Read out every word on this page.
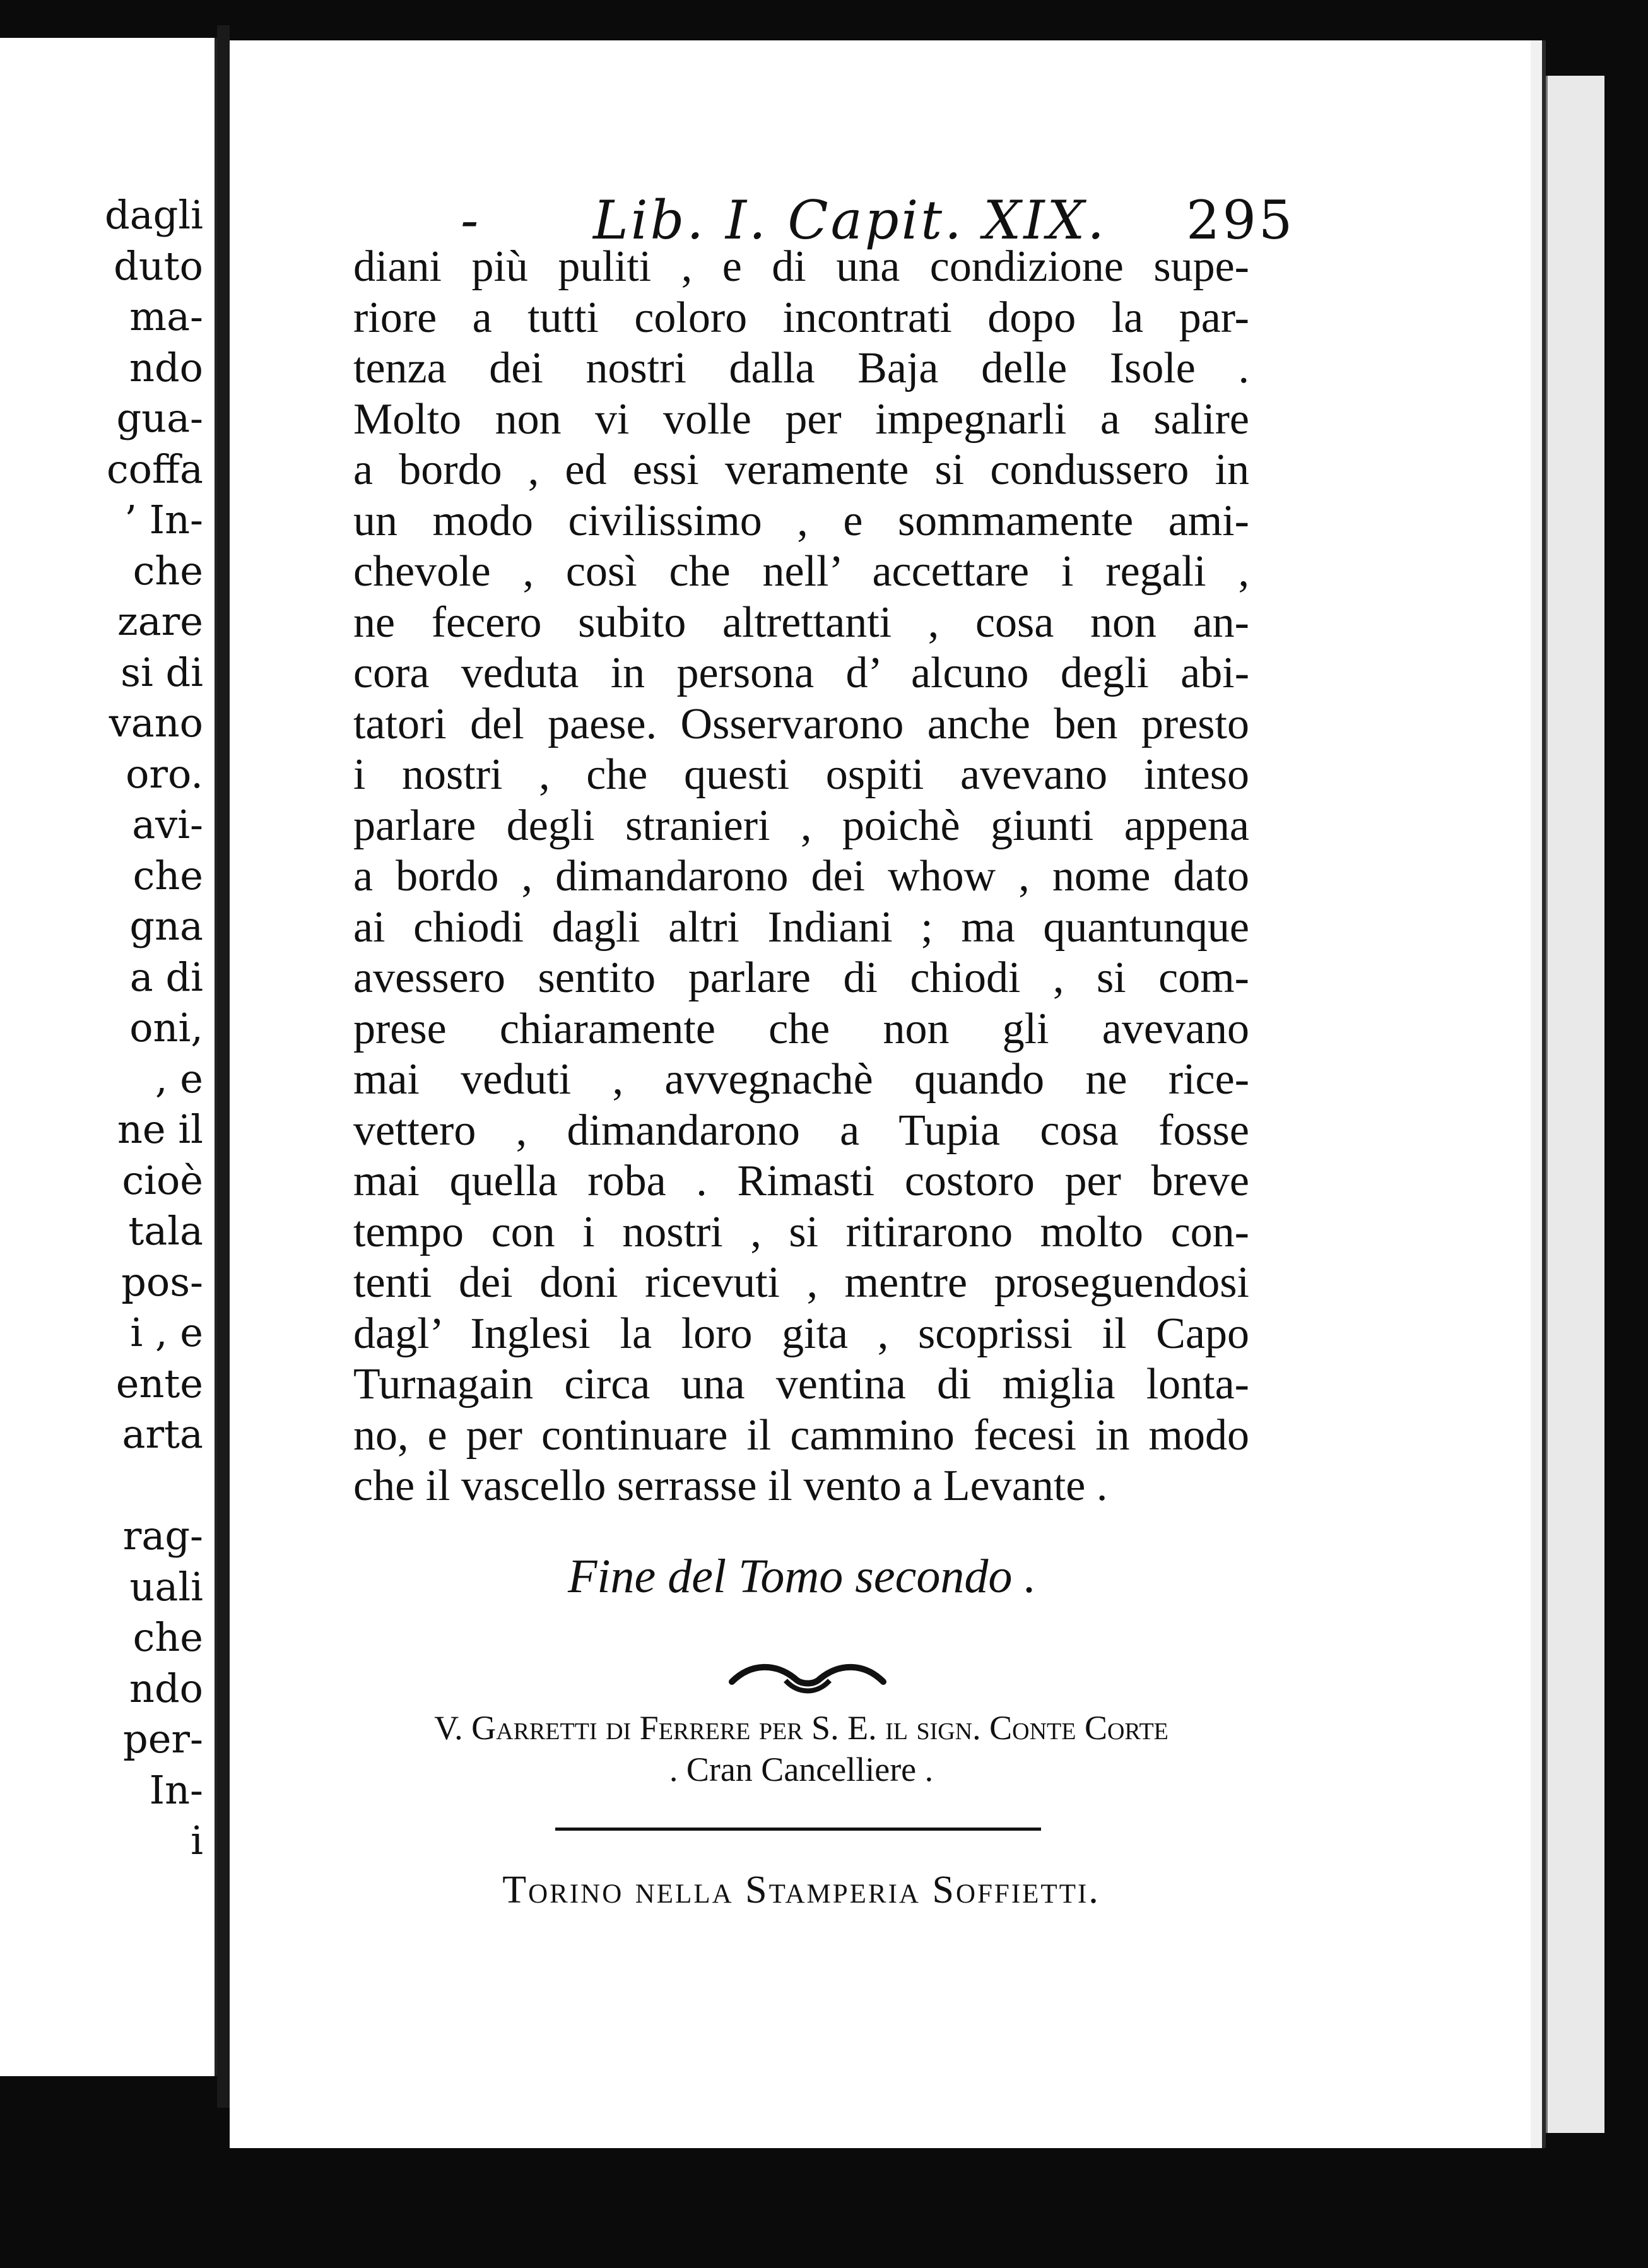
dagli
duto
ma-
ndo
gua-
coffa
’ In-
che
zare
si di
vano
oro.
avi-
che
gna
a di
oni,
, e
ne il
cioè
tala
pos-
i , e
ente
arta
rag-
uali
che
ndo
per-
In-
i
- Lib. I. Capit. XIX. 295
diani più puliti , e di una condizione supe-
riore a tutti coloro incontrati dopo la par-
tenza dei nostri dalla Baja delle Isole .
Molto non vi volle per impegnarli a salire
a bordo , ed essi veramente si condussero in
un modo civilissimo , e sommamente ami-
chevole , così che nell’ accettare i regali ,
ne fecero subito altrettanti , cosa non an-
cora veduta in persona d’ alcuno degli abi-
tatori del paese. Osservarono anche ben presto
i nostri , che questi ospiti avevano inteso
parlare degli stranieri , poichè giunti appena
a bordo , dimandarono dei whow , nome dato
ai chiodi dagli altri Indiani ; ma quantunque
avessero sentito parlare di chiodi , si com-
prese chiaramente che non gli avevano
mai veduti , avvegnachè quando ne rice-
vettero , dimandarono a Tupia cosa fosse
mai quella roba . Rimasti costoro per breve
tempo con i nostri , si ritirarono molto con-
tenti dei doni ricevuti , mentre proseguendosi
dagl’ Inglesi la loro gita , scoprissi il Capo
Turnagain circa una ventina di miglia lonta-
no, e per continuare il cammino fecesi in modo
che il vascello serrasse il vento a Levante .
Fine del Tomo secondo .
V. Garretti di Ferrere per S. E. il sign. Conte Corte
. Cran Cancelliere .
Torino nella Stamperia Soffietti.
